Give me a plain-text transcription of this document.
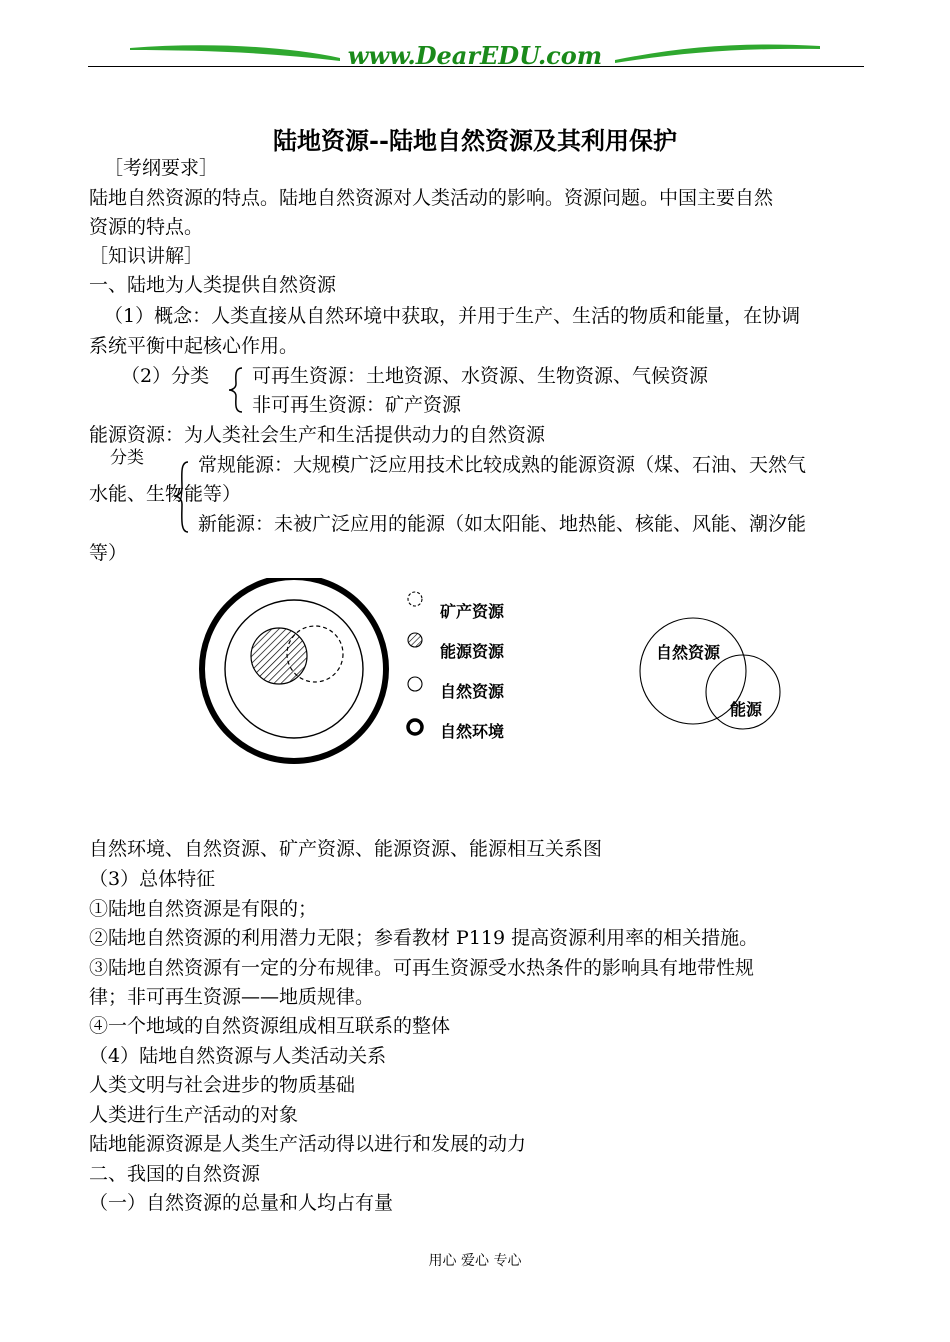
www.DearEDU.com
陆地资源--陆地自然资源及其利用保护
［考纲要求］
陆地自然资源的特点。陆地自然资源对人类活动的影响。资源问题。中国主要自然
资源的特点。
［知识讲解］
一、陆地为人类提供自然资源
（1）概念：人类直接从自然环境中获取，并用于生产、生活的物质和能量，在协调
系统平衡中起核心作用。
（2）分类 可再生资源：土地资源、水资源、生物资源、气候资源
非可再生资源：矿产资源
能源资源：为人类社会生产和生活提供动力的自然资源
分类	常规能源：大规模广泛应用技术比较成熟的能源资源（煤、石油、天然气
水能、生物能等）
新能源：未被广泛应用的能源（如太阳能、地热能、核能、风能、潮汐能
等）
矿产资源
能源资源
自然资源
自然环境
自然资源
能源
自然环境、自然资源、矿产资源、能源资源、能源相互关系图
（3）总体特征
①陆地自然资源是有限的；
②陆地自然资源的利用潜力无限；参看教材 P119 提高资源利用率的相关措施。
③陆地自然资源有一定的分布规律。可再生资源受水热条件的影响具有地带性规
律；非可再生资源——地质规律。
④一个地域的自然资源组成相互联系的整体
（4）陆地自然资源与人类活动关系
人类文明与社会进步的物质基础
人类进行生产活动的对象
陆地能源资源是人类生产活动得以进行和发展的动力
二、我国的自然资源
（一）自然资源的总量和人均占有量
用心 爱心 专心
